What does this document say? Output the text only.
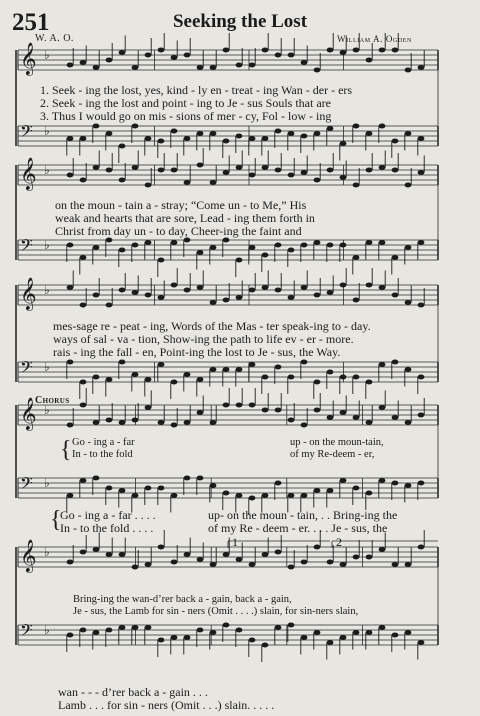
251	Seeking the Lost
W. A. O.	William A. Ogden
𝄞 ♭
𝄢 ♭
𝄞 ♭
𝄢 ♭
𝄞 ♭
𝄢 ♭
𝄞 ♭
𝄢 ♭
𝄞 ♭
𝄢 ♭
1. Seek - ing the lost, yes, kind - ly en - treat - ing Wan - der - ers
2. Seek - ing the lost and point - ing to Je - sus Souls that are
3. Thus I would go on mis - sions of mer - cy, Fol - low - ing
on the moun - tain a - stray; “Come un - to Me,” His
weak and hearts that are sore, Lead - ing them forth in
Christ from day un - to day, Cheer-ing the faint and
mes-sage re - peat - ing, Words of the Mas - ter speak-ing to - day.
ways of sal - va - tion, Show-ing the path to life ev - er - more.
rais - ing the fall - en, Point-ing the lost to Je - sus, the Way.
Chorus
{ Go - ing a - far
In - to the fold
up - on the moun-tain,
of my Re-deem - er,
{
Go - ing a - far . . . .
In - to the fold . . . .
up- on the moun - tain, . . Bring-ing the
of my Re - deem - er. . . . Je - sus, the
1	2
Bring-ing the wan-d’rer back a - gain, back a - gain,
Je - sus, the Lamb for sin - ners (Omit . . . .) slain, for sin-ners slain,
wan - - - d’rer back a - gain . . .
Lamb . . . for sin - ners (Omit . . .) slain. . . . .
